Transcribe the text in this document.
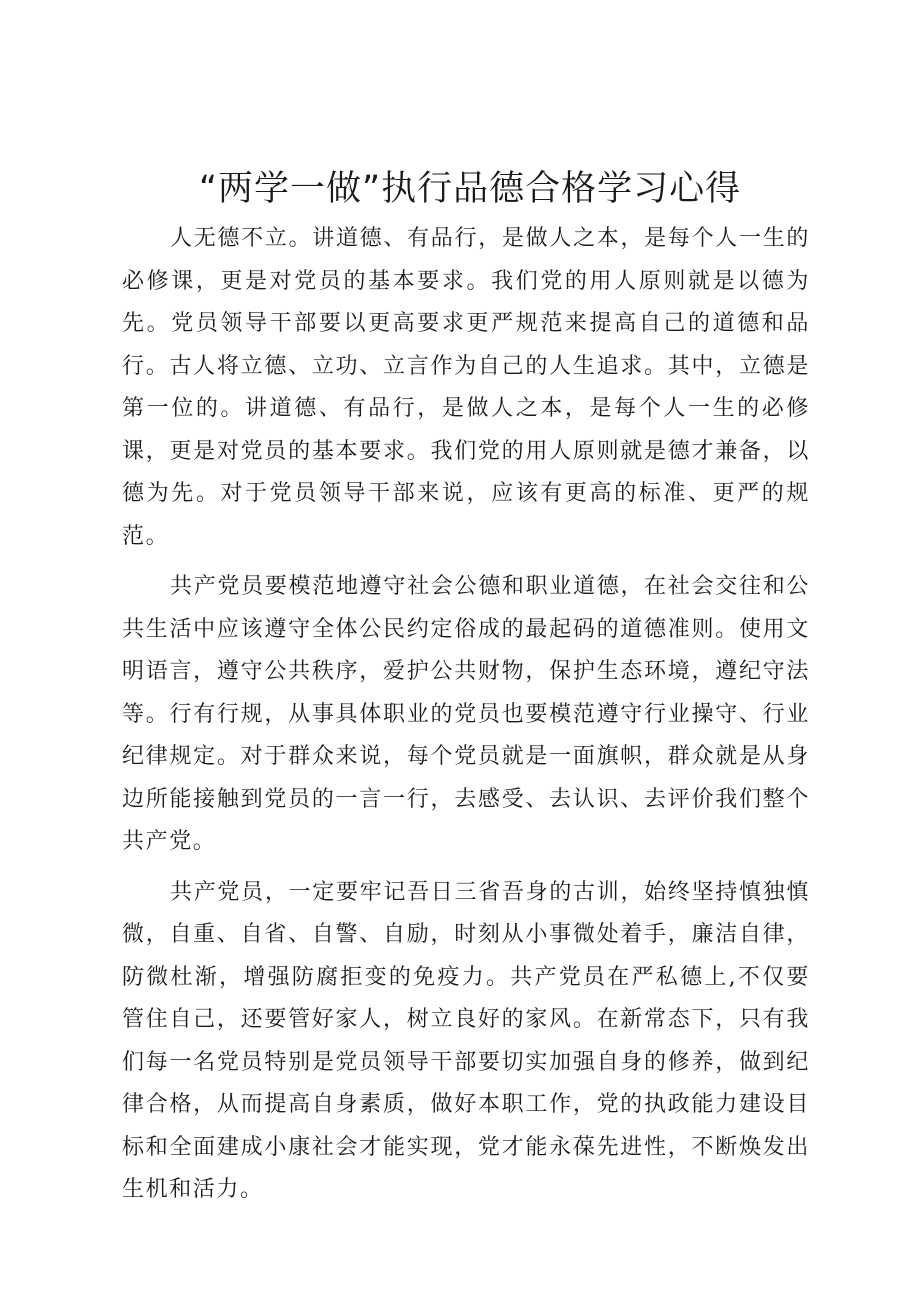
“两学一做”执行品德合格学习心得

人无德不立。讲道德、有品行，是做人之本，是每个人一生的必修课，更是对党员的基本要求。我们党的用人原则就是以德为先。党员领导干部要以更高要求更严规范来提高自己的道德和品行。古人将立德、立功、立言作为自己的人生追求。其中，立德是第一位的。讲道德、有品行，是做人之本，是每个人一生的必修课，更是对党员的基本要求。我们党的用人原则就是德才兼备，以德为先。对于党员领导干部来说，应该有更高的标准、更严的规范。

共产党员要模范地遵守社会公德和职业道德，在社会交往和公共生活中应该遵守全体公民约定俗成的最起码的道德准则。使用文明语言，遵守公共秩序，爱护公共财物，保护生态环境，遵纪守法等。行有行规，从事具体职业的党员也要模范遵守行业操守、行业纪律规定。对于群众来说，每个党员就是一面旗帜，群众就是从身边所能接触到党员的一言一行，去感受、去认识、去评价我们整个共产党。

共产党员，一定要牢记吾日三省吾身的古训，始终坚持慎独慎微，自重、自省、自警、自励，时刻从小事微处着手，廉洁自律，防微杜渐，增强防腐拒变的免疫力。共产党员在严私德上,不仅要管住自己，还要管好家人，树立良好的家风。在新常态下，只有我们每一名党员特别是党员领导干部要切实加强自身的修养，做到纪律合格，从而提高自身素质，做好本职工作，党的执政能力建设目标和全面建成小康社会才能实现，党才能永葆先进性，不断焕发出生机和活力。
